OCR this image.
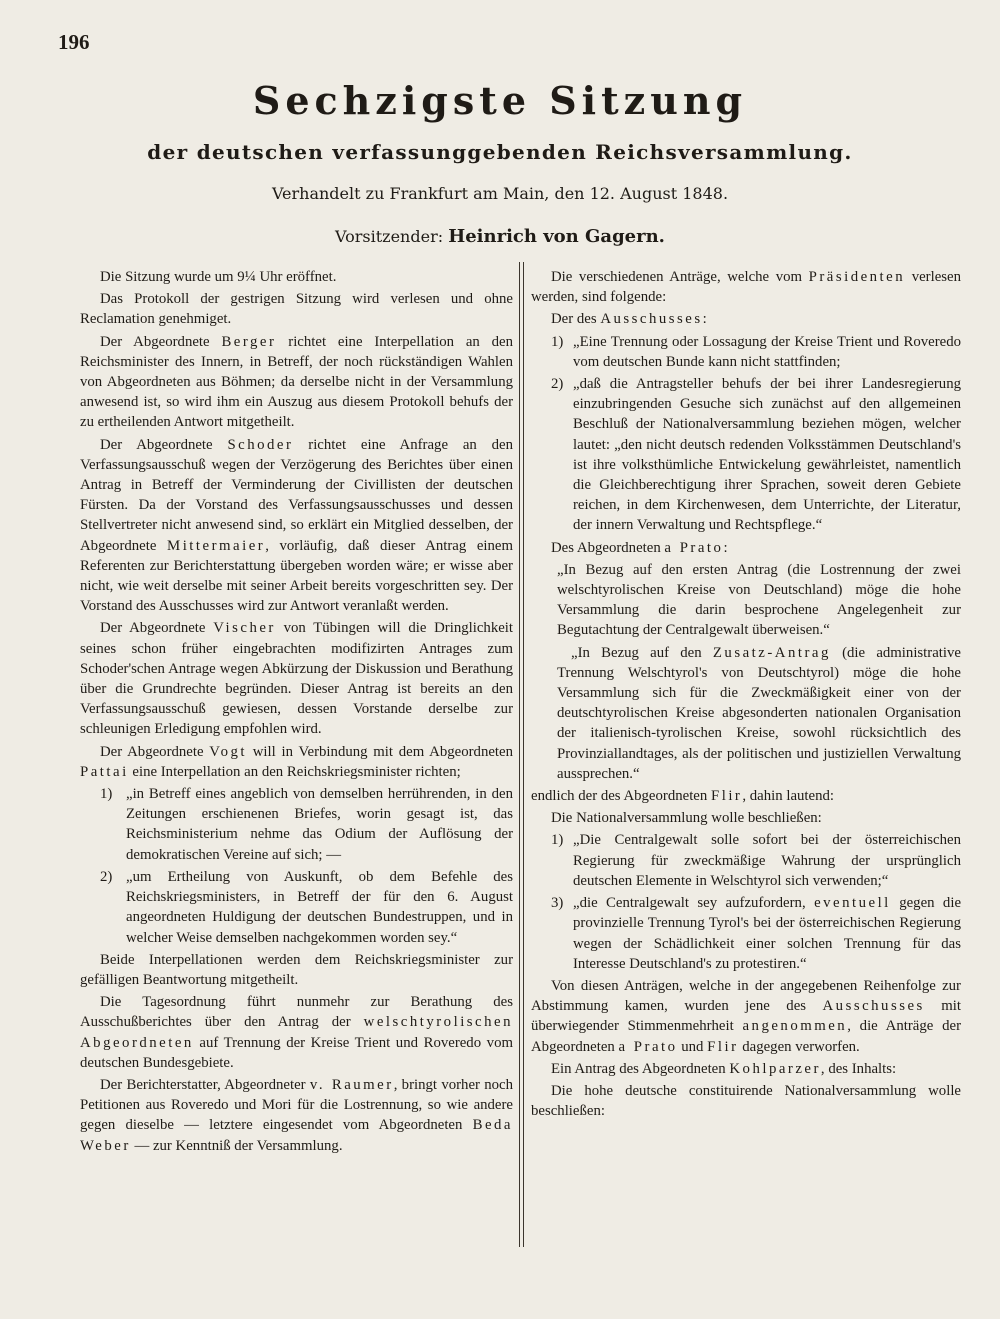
196
Sechzigste Sitzung
der deutschen verfassunggebenden Reichsversammlung.
Verhandelt zu Frankfurt am Main, den 12. August 1848.
Vorsitzender: Heinrich von Gagern.

Die Sitzung wurde um 9¼ Uhr eröffnet.

Das Protokoll der gestrigen Sitzung wird verlesen und ohne Reclamation genehmiget.

Der Abgeordnete Berger richtet eine Interpellation an den Reichsminister des Innern, in Betreff, der noch rückständigen Wahlen von Abgeordneten aus Böhmen; da derselbe nicht in der Versammlung anwesend ist, so wird ihm ein Auszug aus diesem Protokoll behufs der zu ertheilenden Antwort mitgetheilt.

Der Abgeordnete Schoder richtet eine Anfrage an den Verfassungsausschuß wegen der Verzögerung des Berichtes über einen Antrag in Betreff der Verminderung der Civillisten der deutschen Fürsten. Da der Vorstand des Verfassungsausschusses und dessen Stellvertreter nicht anwesend sind, so erklärt ein Mitglied desselben, der Abgeordnete Mittermaier, vorläufig, daß dieser Antrag einem Referenten zur Berichterstattung übergeben worden wäre; er wisse aber nicht, wie weit derselbe mit seiner Arbeit bereits vorgeschritten sey. Der Vorstand des Ausschusses wird zur Antwort veranlaßt werden.

Der Abgeordnete Vischer von Tübingen will die Dringlichkeit seines schon früher eingebrachten modifizirten Antrages zum Schoder'schen Antrage wegen Abkürzung der Diskussion und Berathung über die Grundrechte begründen. Dieser Antrag ist bereits an den Verfassungsausschuß gewiesen, dessen Vorstande derselbe zur schleunigen Erledigung empfohlen wird.

Der Abgeordnete Vogt will in Verbindung mit dem Abgeordneten Pattai eine Interpellation an den Reichskriegsminister richten;

1) „in Betreff eines angeblich von demselben herrührenden, in den Zeitungen erschienenen Briefes, worin gesagt ist, das Reichsministerium nehme das Odium der Auflösung der demokratischen Vereine auf sich; —
2) „um Ertheilung von Auskunft, ob dem Befehle des Reichskriegsministers, in Betreff der für den 6. August angeordneten Huldigung der deutschen Bundestruppen, und in welcher Weise demselben nachgekommen worden sey.“

Beide Interpellationen werden dem Reichskriegsminister zur gefälligen Beantwortung mitgetheilt.

Die Tagesordnung führt nunmehr zur Berathung des Ausschußberichtes über den Antrag der welschtyrolischen Abgeordneten auf Trennung der Kreise Trient und Roveredo vom deutschen Bundesgebiete.

Der Berichterstatter, Abgeordneter v. Raumer, bringt vorher noch Petitionen aus Roveredo und Mori für die Lostrennung, so wie andere gegen dieselbe — letztere eingesendet vom Abgeordneten Beda Weber — zur Kenntniß der Versammlung.

Die verschiedenen Anträge, welche vom Präsidenten verlesen werden, sind folgende:

Der des Ausschusses:

1) „Eine Trennung oder Lossagung der Kreise Trient und Roveredo vom deutschen Bunde kann nicht stattfinden;
2) „daß die Antragsteller behufs der bei ihrer Landesregierung einzubringenden Gesuche sich zunächst auf den allgemeinen Beschluß der Nationalversammlung beziehen mögen, welcher lautet: „den nicht deutsch redenden Volksstämmen Deutschland's ist ihre volksthümliche Entwickelung gewährleistet, namentlich die Gleichberechtigung ihrer Sprachen, soweit deren Gebiete reichen, in dem Kirchenwesen, dem Unterrichte, der Literatur, der innern Verwaltung und Rechtspflege.“

Des Abgeordneten a Prato:

„In Bezug auf den ersten Antrag (die Lostrennung der zwei welschtyrolischen Kreise von Deutschland) möge die hohe Versammlung die darin besprochene Angelegenheit zur Begutachtung der Centralgewalt überweisen.“

„In Bezug auf den Zusatz-Antrag (die administrative Trennung Welschtyrol's von Deutschtyrol) möge die hohe Versammlung sich für die Zweckmäßigkeit einer von der deutschtyrolischen Kreise abgesonderten nationalen Organisation der italienisch-tyrolischen Kreise, sowohl rücksichtlich des Provinziallandtages, als der politischen und justiziellen Verwaltung aussprechen.“

endlich der des Abgeordneten Flir, dahin lautend:

Die Nationalversammlung wolle beschließen:

1) „Die Centralgewalt solle sofort bei der österreichischen Regierung für zweckmäßige Wahrung der ursprünglich deutschen Elemente in Welschtyrol sich verwenden;“
3) „die Centralgewalt sey aufzufordern, eventuell gegen die provinzielle Trennung Tyrol's bei der österreichischen Regierung wegen der Schädlichkeit einer solchen Trennung für das Interesse Deutschland's zu protestiren.“

Von diesen Anträgen, welche in der angegebenen Reihenfolge zur Abstimmung kamen, wurden jene des Ausschusses mit überwiegender Stimmenmehrheit angenommen, die Anträge der Abgeordneten a Prato und Flir dagegen verworfen.

Ein Antrag des Abgeordneten Kohlparzer, des Inhalts:

Die hohe deutsche constituirende Nationalversammlung wolle beschließen:
